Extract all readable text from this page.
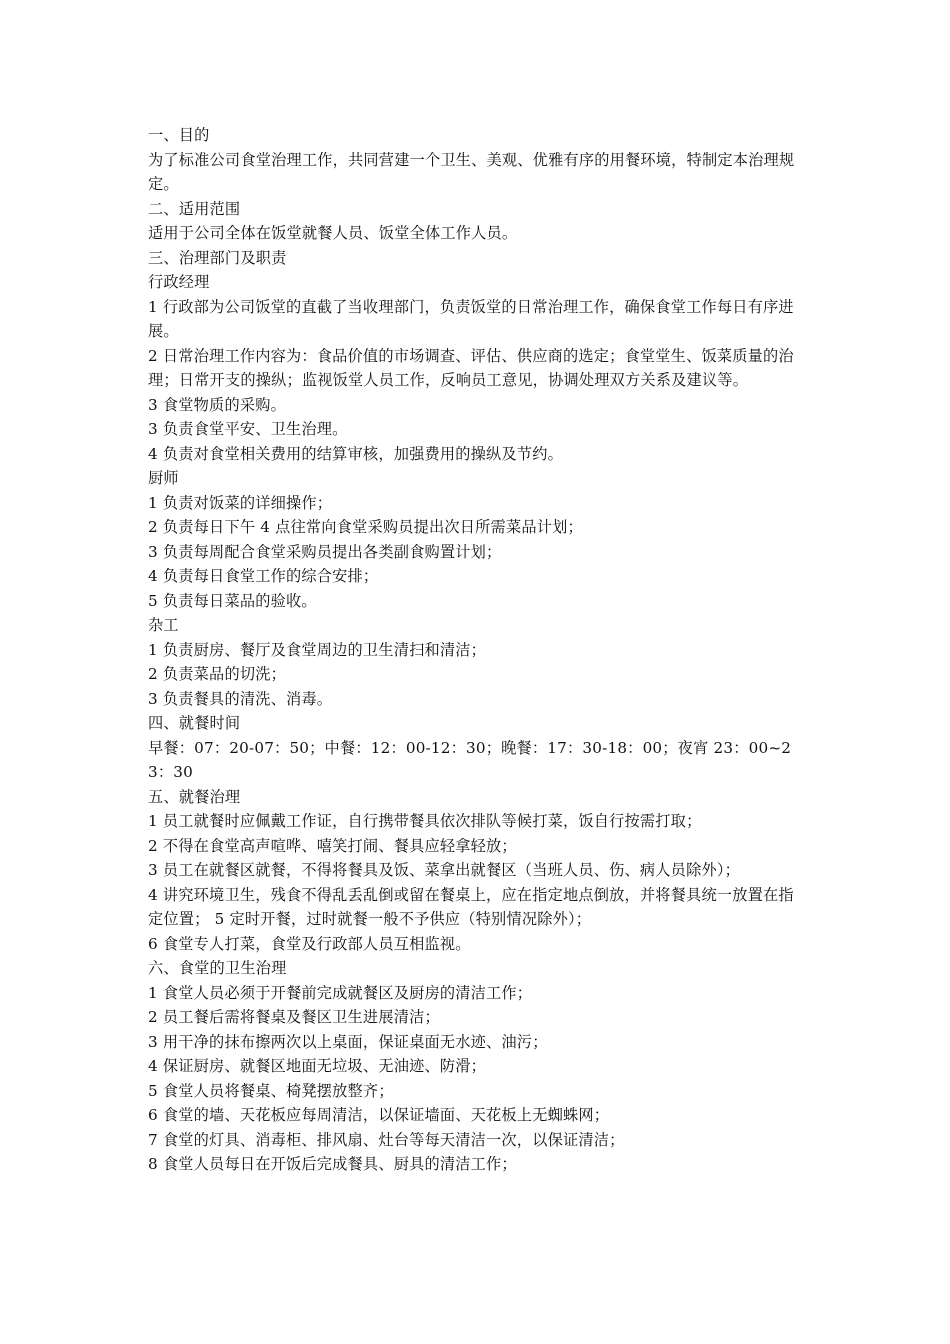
一、目的
为了标准公司食堂治理工作，共同营建一个卫生、美观、优雅有序的用餐环境，特制定本治理规定。
二、适用范围
适用于公司全体在饭堂就餐人员、饭堂全体工作人员。
三、治理部门及职责
行政经理
1 行政部为公司饭堂的直截了当收理部门，负责饭堂的日常治理工作，确保食堂工作每日有序进展。
2 日常治理工作内容为：食品价值的市场调查、评估、供应商的选定；食堂堂生、饭菜质量的治理；日常开支的操纵；监视饭堂人员工作，反响员工意见，协调处理双方关系及建议等。
3 食堂物质的采购。
3 负责食堂平安、卫生治理。
4 负责对食堂相关费用的结算审核，加强费用的操纵及节约。
厨师
1 负责对饭菜的详细操作；
2 负责每日下午 4 点往常向食堂采购员提出次日所需菜品计划；
3 负责每周配合食堂采购员提出各类副食购置计划；
4 负责每日食堂工作的综合安排；
5 负责每日菜品的验收。
杂工
1 负责厨房、餐厅及食堂周边的卫生清扫和清洁；
2 负责菜品的切洗；
3 负责餐具的清洗、消毒。
四、就餐时间
早餐：07：20-07：50；中餐：12：00-12：30；晚餐：17：30-18：00；夜宵 23：00~23：30
五、就餐治理
1 员工就餐时应佩戴工作证，自行携带餐具依次排队等候打菜，饭自行按需打取；
2 不得在食堂高声喧哗、嘻笑打闹、餐具应轻拿轻放；
3 员工在就餐区就餐，不得将餐具及饭、菜拿出就餐区（当班人员、伤、病人员除外）；
4 讲究环境卫生，残食不得乱丢乱倒或留在餐桌上，应在指定地点倒放，并将餐具统一放置在指定位置； 5 定时开餐，过时就餐一般不予供应（特别情况除外）；
6 食堂专人打菜，食堂及行政部人员互相监视。
六、食堂的卫生治理
1 食堂人员必须于开餐前完成就餐区及厨房的清洁工作；
2 员工餐后需将餐桌及餐区卫生进展清洁；
3 用干净的抹布擦两次以上桌面，保证桌面无水迹、油污；
4 保证厨房、就餐区地面无垃圾、无油迹、防滑；
5 食堂人员将餐桌、椅凳摆放整齐；
6 食堂的墙、天花板应每周清洁，以保证墙面、天花板上无蜘蛛网；
7 食堂的灯具、消毒柜、排风扇、灶台等每天清洁一次，以保证清洁；
8 食堂人员每日在开饭后完成餐具、厨具的清洁工作；
